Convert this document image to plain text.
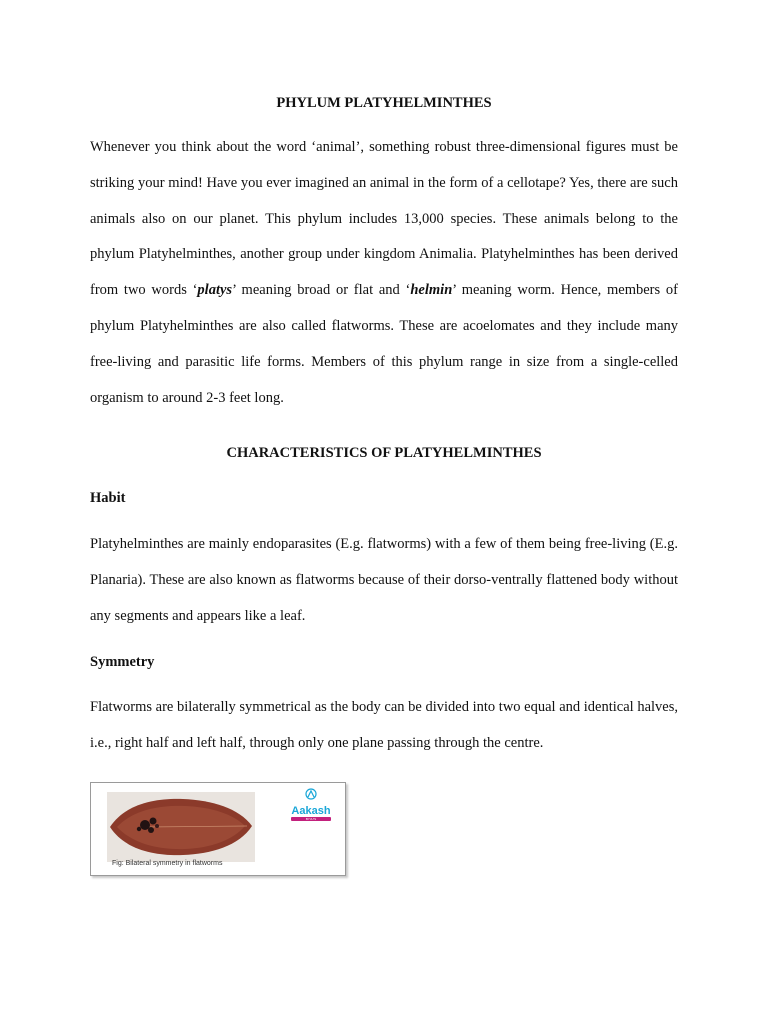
PHYLUM PLATYHELMINTHES

Whenever you think about the word ‘animal’, something robust three-dimensional figures must be striking your mind! Have you ever imagined an animal in the form of a cellotape? Yes, there are such animals also on our planet. This phylum includes 13,000 species. These animals belong to the phylum Platyhelminthes, another group under kingdom Animalia. Platyhelminthes has been derived from two words ‘platys’ meaning broad or flat and ‘helmin’ meaning worm. Hence, members of phylum Platyhelminthes are also called flatworms. These are acoelomates and they include many free-living and parasitic life forms. Members of this phylum range in size from a single-celled organism to around 2-3 feet long.

CHARACTERISTICS OF PLATYHELMINTHES
Habit

Platyhelminthes are mainly endoparasites (E.g. flatworms) with a few of them being free-living (E.g. Planaria). These are also known as flatworms because of their dorso-ventrally flattened body without any segments and appears like a leaf.

Symmetry

Flatworms are bilaterally symmetrical as the body can be divided into two equal and identical halves, i.e., right half and left half, through only one plane passing through the centre.

Aakash
BYJU'S
Fig: Bilateral symmetry in flatworms
